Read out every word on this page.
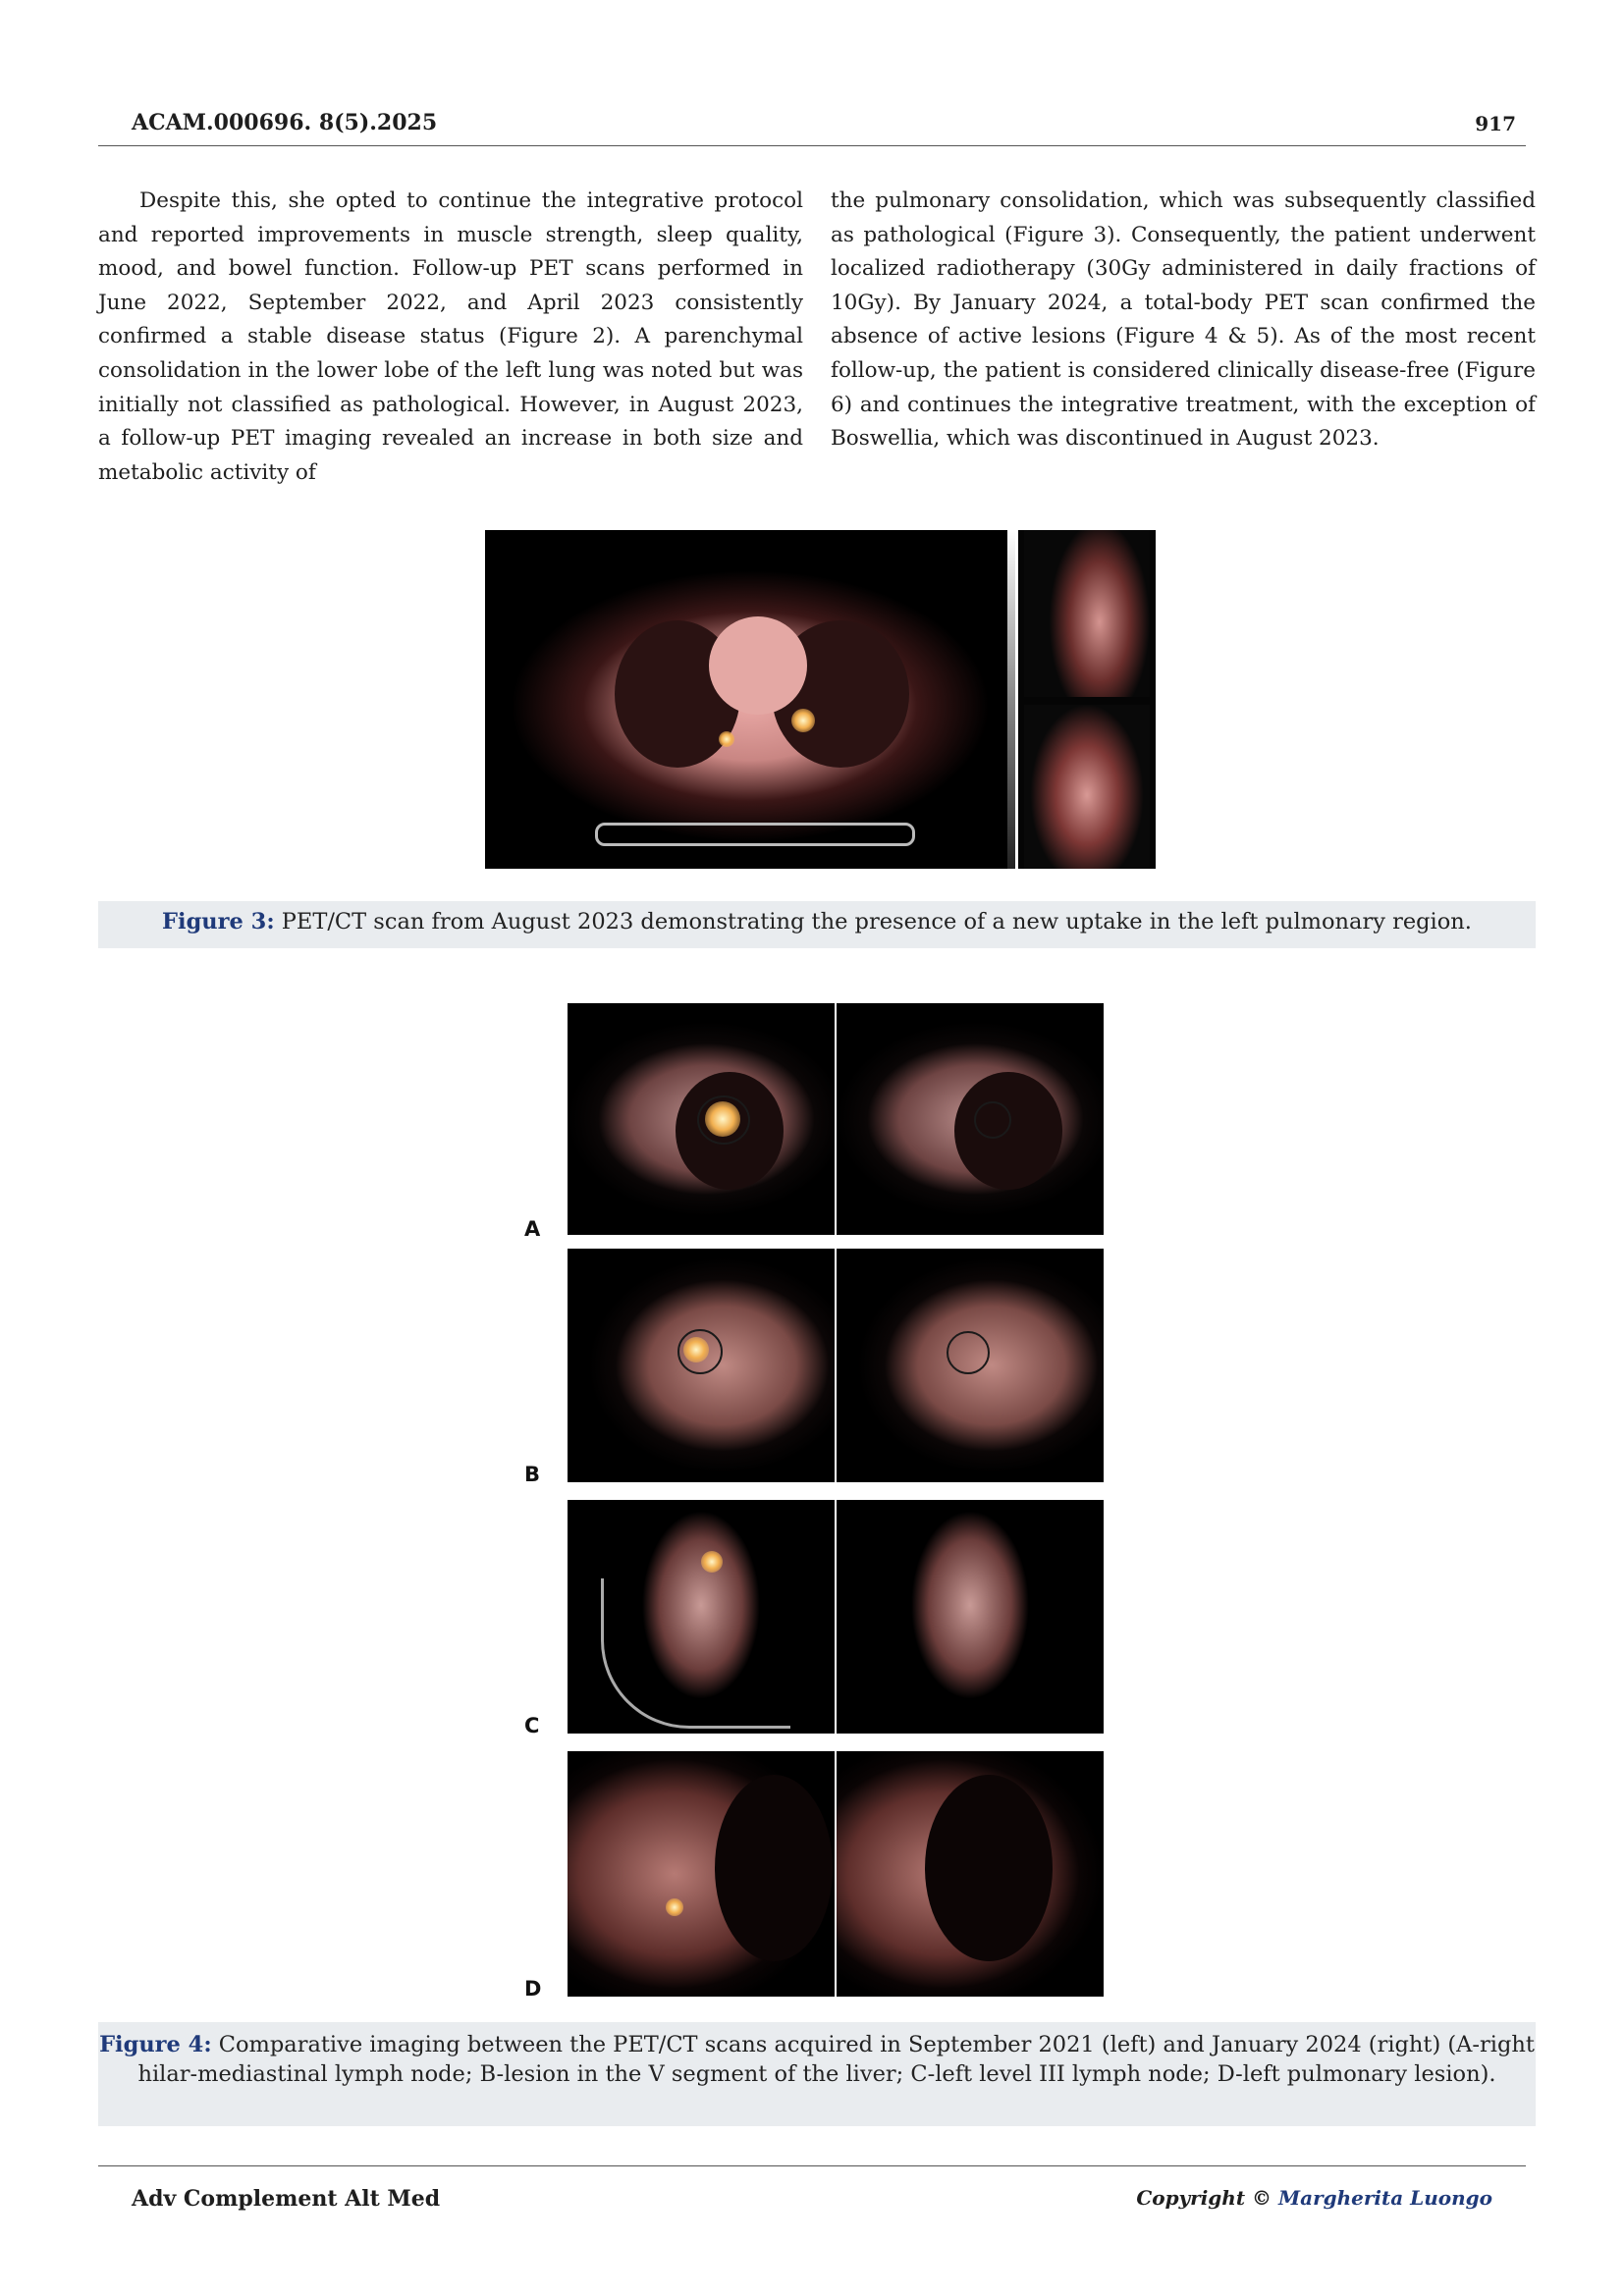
ACAM.000696. 8(5).2025	917

Despite this, she opted to continue the integrative protocol and reported improvements in muscle strength, sleep quality, mood, and bowel function. Follow-up PET scans performed in June 2022, September 2022, and April 2023 consistently confirmed a stable disease status (Figure 2). A parenchymal consolidation in the lower lobe of the left lung was noted but was initially not classified as pathological. However, in August 2023, a follow-up PET imaging revealed an increase in both size and metabolic activity of

the pulmonary consolidation, which was subsequently classified as pathological (Figure 3). Consequently, the patient underwent localized radiotherapy (30Gy administered in daily fractions of 10Gy). By January 2024, a total-body PET scan confirmed the absence of active lesions (Figure 4 & 5). As of the most recent follow-up, the patient is considered clinically disease-free (Figure 6) and continues the integrative treatment, with the exception of Boswellia, which was discontinued in August 2023.

Figure 3: PET/CT scan from August 2023 demonstrating the presence of a new uptake in the left pulmonary region.
A
B
C
D
Figure 4: Comparative imaging between the PET/CT scans acquired in September 2021 (left) and January 2024 (right) (A-right hilar-mediastinal lymph node; B-lesion in the V segment of the liver; C-left level III lymph node; D-left pulmonary lesion).
Adv Complement Alt Med	Copyright © Margherita Luongo
